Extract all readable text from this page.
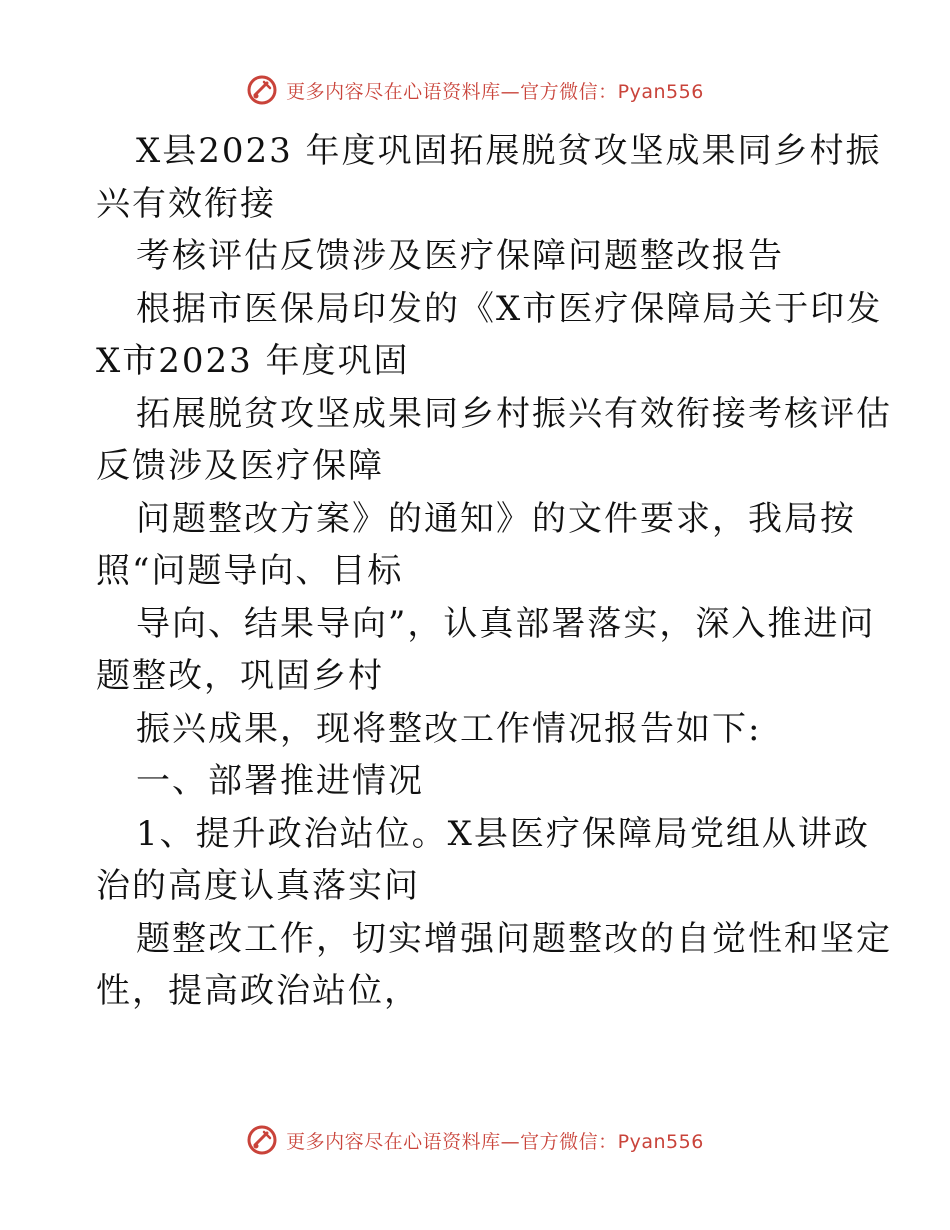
更多内容尽在心语资料库—官方微信：Pyan556
X县2023 年度巩固拓展脱贫攻坚成果同乡村振
兴有效衔接
考核评估反馈涉及医疗保障问题整改报告
根据市医保局印发的《X市医疗保障局关于印发
X市2023 年度巩固
拓展脱贫攻坚成果同乡村振兴有效衔接考核评估
反馈涉及医疗保障
问题整改方案》的通知》的文件要求，我局按
照“问题导向、目标
导向、结果导向”，认真部署落实，深入推进问
题整改，巩固乡村
振兴成果，现将整改工作情况报告如下:
一、部署推进情况
1、提升政治站位。X县医疗保障局党组从讲政
治的高度认真落实问
题整改工作，切实增强问题整改的自觉性和坚定
性，提高政治站位，
更多内容尽在心语资料库—官方微信：Pyan556
